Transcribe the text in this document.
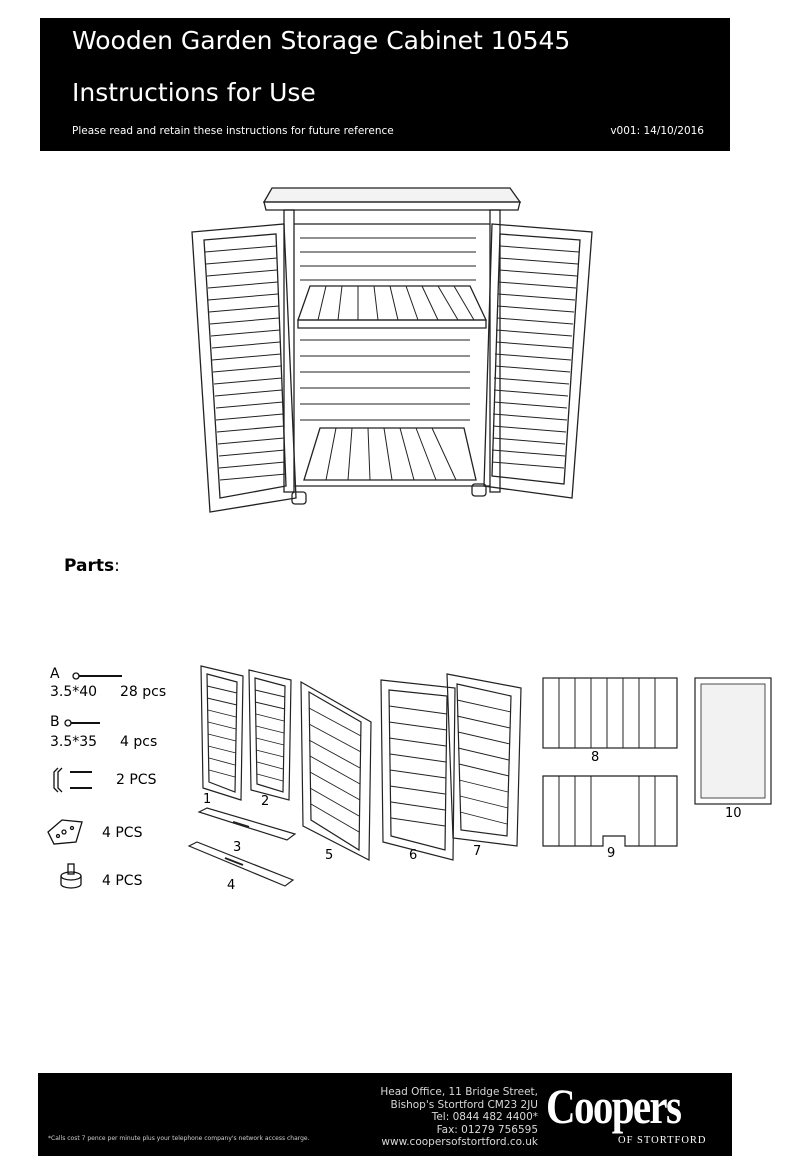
Wooden Garden Storage Cabinet 10545
Instructions for Use
Please read and retain these instructions for future reference	v001: 14/10/2016
Parts:
A
3.5*40 28 pcs
B
3.5*35 4 pcs
2 PCS
4 PCS
4 PCS
1	2
3
4
5	6	7
8
9
10
Head Office, 11 Bridge Street,
Bishop's Stortford CM23 2JU
Tel: 0844 482 4400*
Fax: 01279 756595
www.coopersofstortford.co.uk
*Calls cost 7 pence per minute plus your telephone company's network access charge.
Coopers
OF STORTFORD
